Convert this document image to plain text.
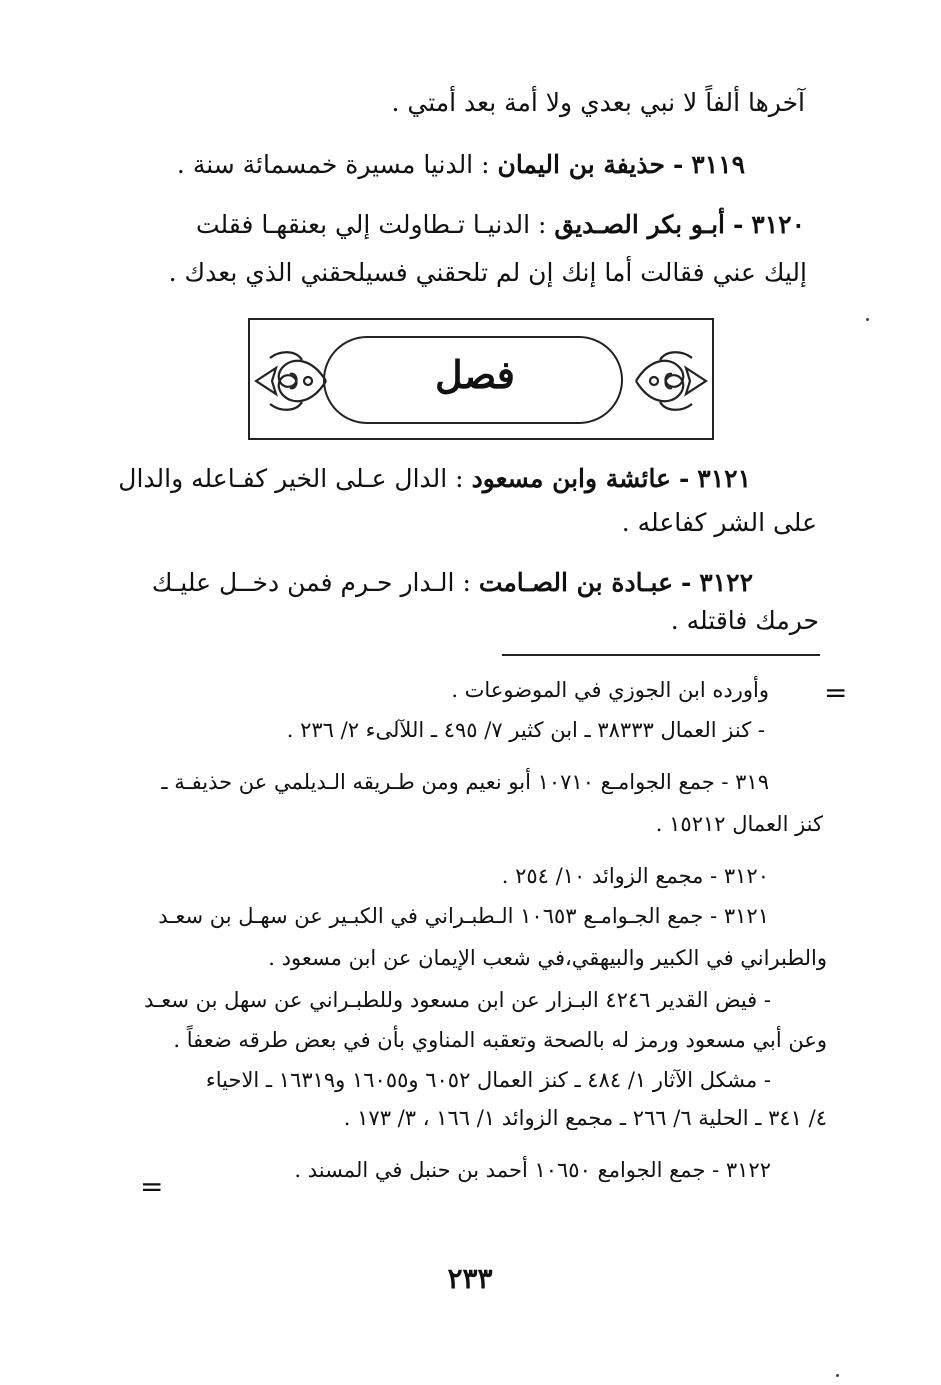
آخرها ألفاً لا نبي بعدي ولا أمة بعد أمتي .
٣١١٩ - حذيفة بن اليمان : الدنيا مسيرة خمسمائة سنة .
٣١٢٠ - أبـو بكر الصـديق : الدنيـا تـطاولت إلي بعنقهـا فقلت
إليك عني فقالت أما إنك إن لم تلحقني فسيلحقني الذي بعدك .
فصل
٣١٢١ - عائشة وابن مسعود : الدال عـلى الخير كفـاعله والدال
على الشر كفاعله .
٣١٢٢ - عبـادة بن الصـامت : الـدار حـرم فمن دخــل عليـك
حرمك فاقتله .
=
وأورده ابن الجوزي في الموضوعات .
- كنز العمال ٣٨٣٣٣ ـ ابن كثير ٧/ ٤٩٥ ـ اللآلىء ٢/ ٢٣٦ .
٣١٩ - جمع الجوامـع ١٠٧١٠ أبو نعيم ومن طـريقه الـديلمي عن حذيفـة ـ
كنز العمال ١٥٢١٢ .
٣١٢٠ - مجمع الزوائد ١٠/ ٢٥٤ .
٣١٢١ - جمع الجـوامـع ١٠٦٥٣ الـطبـراني في الكبـير عن سهـل بن سعـد
والطبراني في الكبير والبيهقي،في شعب الإيمان عن ابن مسعود .
- فيض القدير ٤٢٤٦ البـزار عن ابن مسعود وللطبـراني عن سهل بن سعـد
وعن أبي مسعود ورمز له بالصحة وتعقبه المناوي بأن في بعض طرقه ضعفاً .
- مشكل الآثار ١/ ٤٨٤ ـ كنز العمال ٦٠٥٢ و١٦٠٥٥ و١٦٣١٩ ـ الاحياء
٤/ ٣٤١ ـ الحلية ٦/ ٢٦٦ ـ مجمع الزوائد ١/ ١٦٦ ، ٣/ ١٧٣ .
٣١٢٢ - جمع الجوامع ١٠٦٥٠ أحمد بن حنبل في المسند .
=
٢٣٣
